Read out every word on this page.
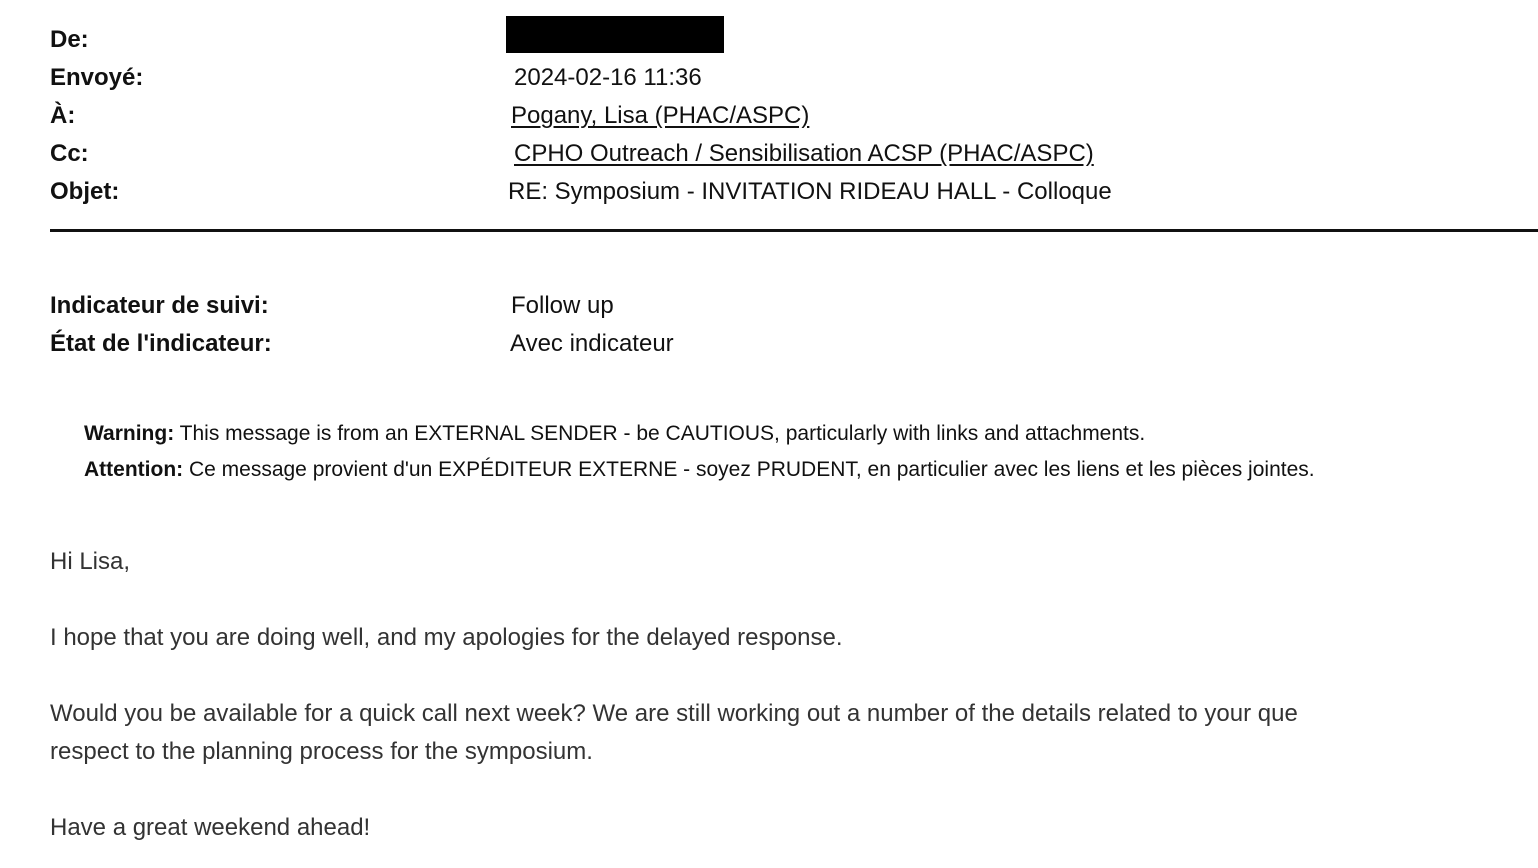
De:
Envoyé:	2024-02-16 11:36
À:	Pogany, Lisa (PHAC/ASPC)
Cc:	CPHO Outreach / Sensibilisation ACSP (PHAC/ASPC)
Objet:	RE: Symposium - INVITATION RIDEAU HALL - Colloque
Indicateur de suivi:	Follow up
État de l'indicateur:	Avec indicateur
Warning: This message is from an EXTERNAL SENDER - be CAUTIOUS, particularly with links and attachments.
Attention: Ce message provient d'un EXPÉDITEUR EXTERNE - soyez PRUDENT, en particulier avec les liens et les pièces jointes.
Hi Lisa,
I hope that you are doing well, and my apologies for the delayed response.
Would you be available for a quick call next week? We are still working out a number of the details related to your que
respect to the planning process for the symposium.
Have a great weekend ahead!
